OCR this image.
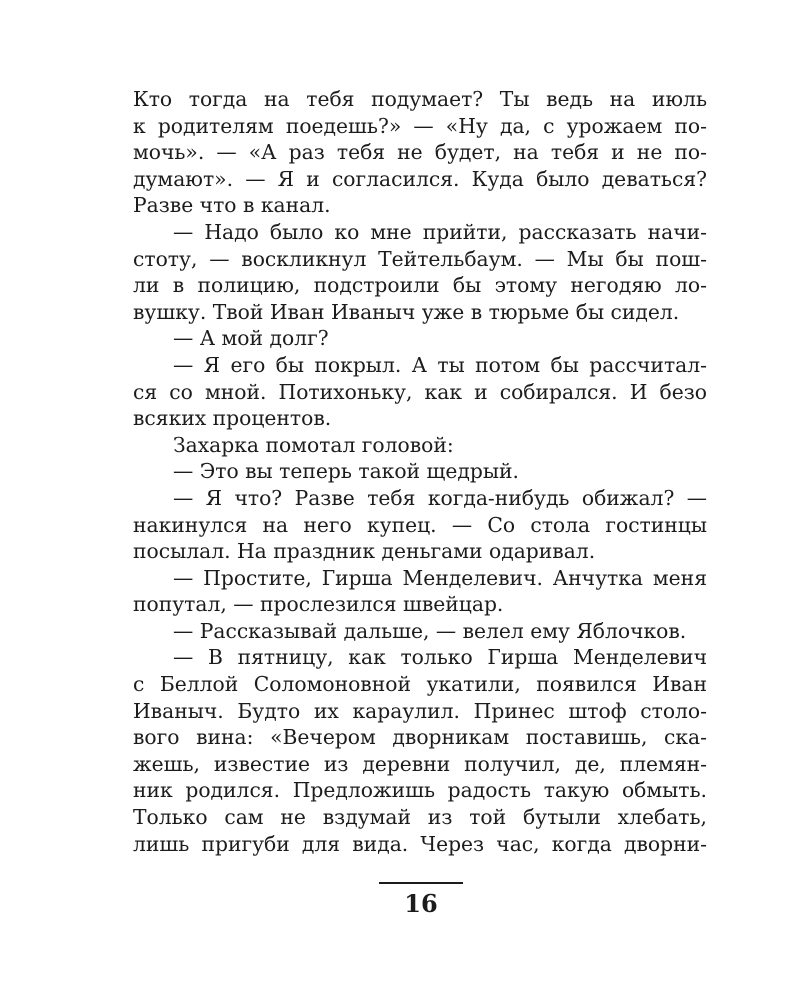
Кто тогда на тебя подумает? Ты ведь на июль
к родителям поедешь?» — «Ну да, с урожаем по-
мочь». — «А раз тебя не будет, на тебя и не по-
думают». — Я и согласился. Куда было деваться?
Разве что в канал.
— Надо было ко мне прийти, рассказать начи-
стоту, — воскликнул Тейтельбаум. — Мы бы пош-
ли в полицию, подстроили бы этому негодяю ло-
вушку. Твой Иван Иваныч уже в тюрьме бы сидел.
— А мой долг?
— Я его бы покрыл. А ты потом бы рассчитал-
ся со мной. Потихоньку, как и собирался. И безо
всяких процентов.
Захарка помотал головой:
— Это вы теперь такой щедрый.
— Я что? Разве тебя когда-нибудь обижал? —
накинулся на него купец. — Со стола гостинцы
посылал. На праздник деньгами одаривал.
— Простите, Гирша Менделевич. Анчутка меня
попутал, — прослезился швейцар.
— Рассказывай дальше, — велел ему Яблочков.
— В пятницу, как только Гирша Менделевич
с Беллой Соломоновной укатили, появился Иван
Иваныч. Будто их караулил. Принес штоф столо-
вого вина: «Вечером дворникам поставишь, ска-
жешь, известие из деревни получил, де, племян-
ник родился. Предложишь радость такую обмыть.
Только сам не вздумай из той бутыли хлебать,
лишь пригуби для вида. Через час, когда дворни-
16
